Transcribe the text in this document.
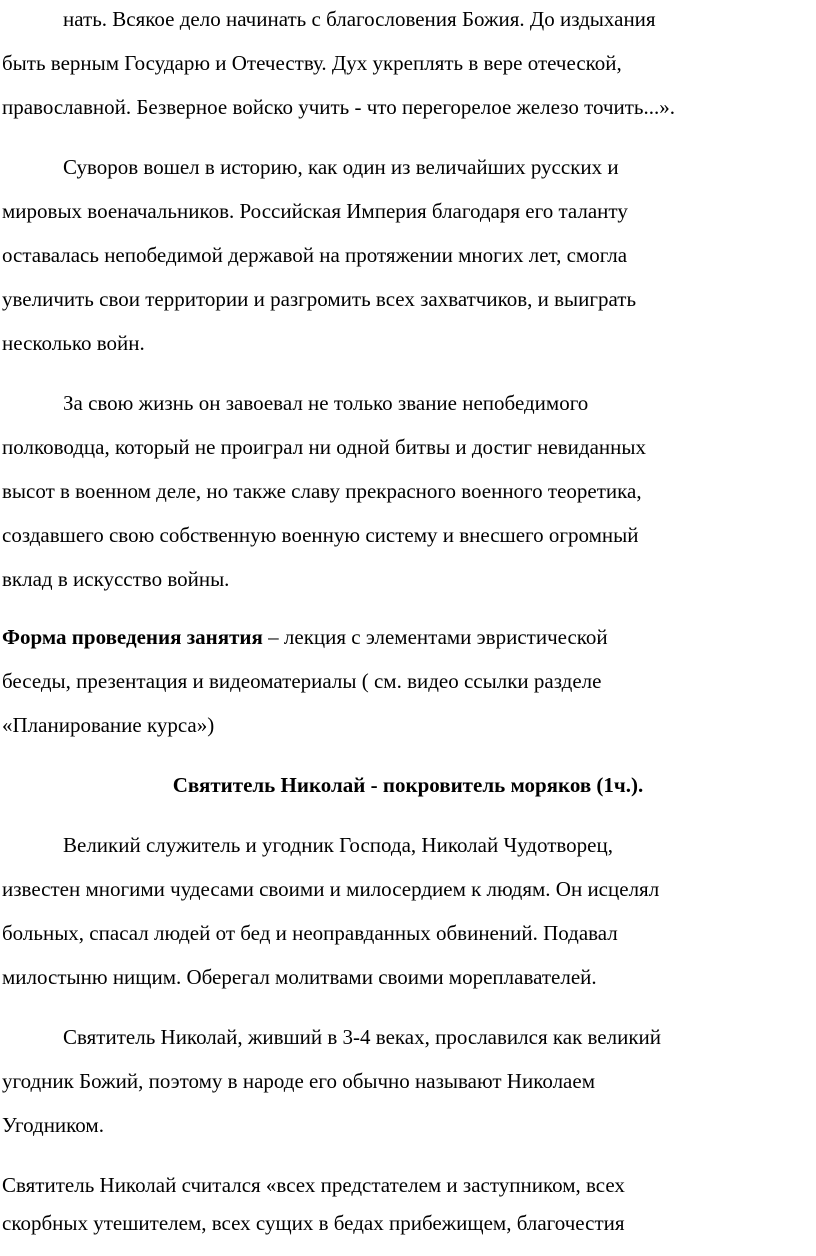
нать. Всякое дело начинать с благословения Божия. До издыхания
быть верным Государю и Отечеству. Дух укреплять в вере отеческой,
православной. Безверное войско учить - что перегорелое железо точить...».
Суворов вошел в историю, как один из величайших русских и
мировых военачальников. Российская Империя благодаря его таланту
оставалась непобедимой державой на протяжении многих лет, смогла
увеличить свои территории и разгромить всех захватчиков, и выиграть
несколько войн.
За свою жизнь он завоевал не только звание непобедимого
полководца, который не проиграл ни одной битвы и достиг невиданных
высот в военном деле, но также славу прекрасного военного теоретика,
создавшего свою собственную военную систему и внесшего огромный
вклад в искусство войны.
Форма проведения занятия – лекция с элементами эвристической
беседы, презентация и видеоматериалы ( см. видео ссылки разделе
«Планирование курса»)
Святитель Николай - покровитель моряков (1ч.).
Великий служитель и угодник Господа, Николай Чудотворец,
известен многими чудесами своими и милосердием к людям. Он исцелял
больных, спасал людей от бед и неоправданных обвинений. Подавал
милостыню нищим. Оберегал молитвами своими мореплавателей.
Святитель Николай, живший в 3-4 веках, прославился как великий
угодник Божий, поэтому в народе его обычно называют Николаем
Угодником.
Святитель Николай считался «всех предстателем и заступником, всех
скорбных утешителем, всех сущих в бедах прибежищем, благочестия
